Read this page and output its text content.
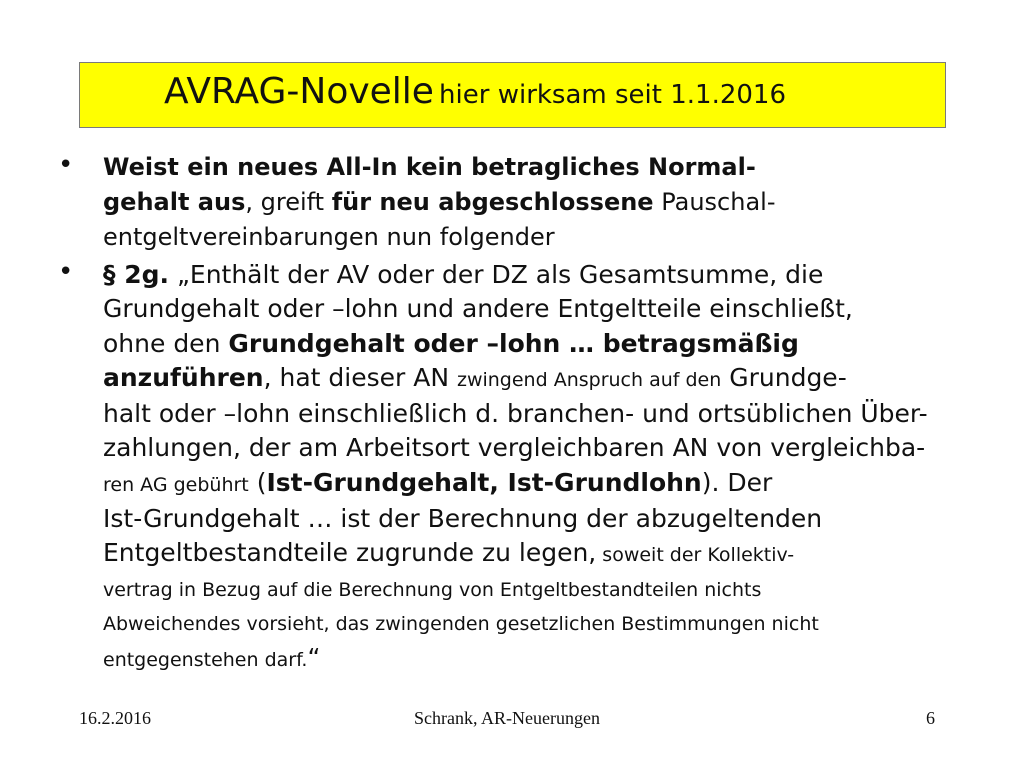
AVRAG-Novelle hier wirksam seit 1.1.2016
• Weist ein neues All-In kein betragliches Normal-
gehalt aus, greift für neu abgeschlossene Pauschal-
entgeltvereinbarungen nun folgender
• § 2g. „Enthält der AV oder der DZ als Gesamtsumme, die
Grundgehalt oder –lohn und andere Entgeltteile einschließt,
ohne den Grundgehalt oder –lohn … betragsmäßig
anzuführen, hat dieser AN zwingend Anspruch auf den Grundge-
halt oder –lohn einschließlich d. branchen- und ortsüblichen Über-
zahlungen, der am Arbeitsort vergleichbaren AN von vergleichba-
ren AG gebührt (Ist-Grundgehalt, Ist-Grundlohn). Der
Ist-Grundgehalt … ist der Berechnung der abzugeltenden
Entgeltbestandteile zugrunde zu legen, soweit der Kollektiv-
vertrag in Bezug auf die Berechnung von Entgeltbestandteilen nichts
Abweichendes vorsieht, das zwingenden gesetzlichen Bestimmungen nicht
entgegenstehen darf.“
16.2.2016	Schrank, AR-Neuerungen	6
